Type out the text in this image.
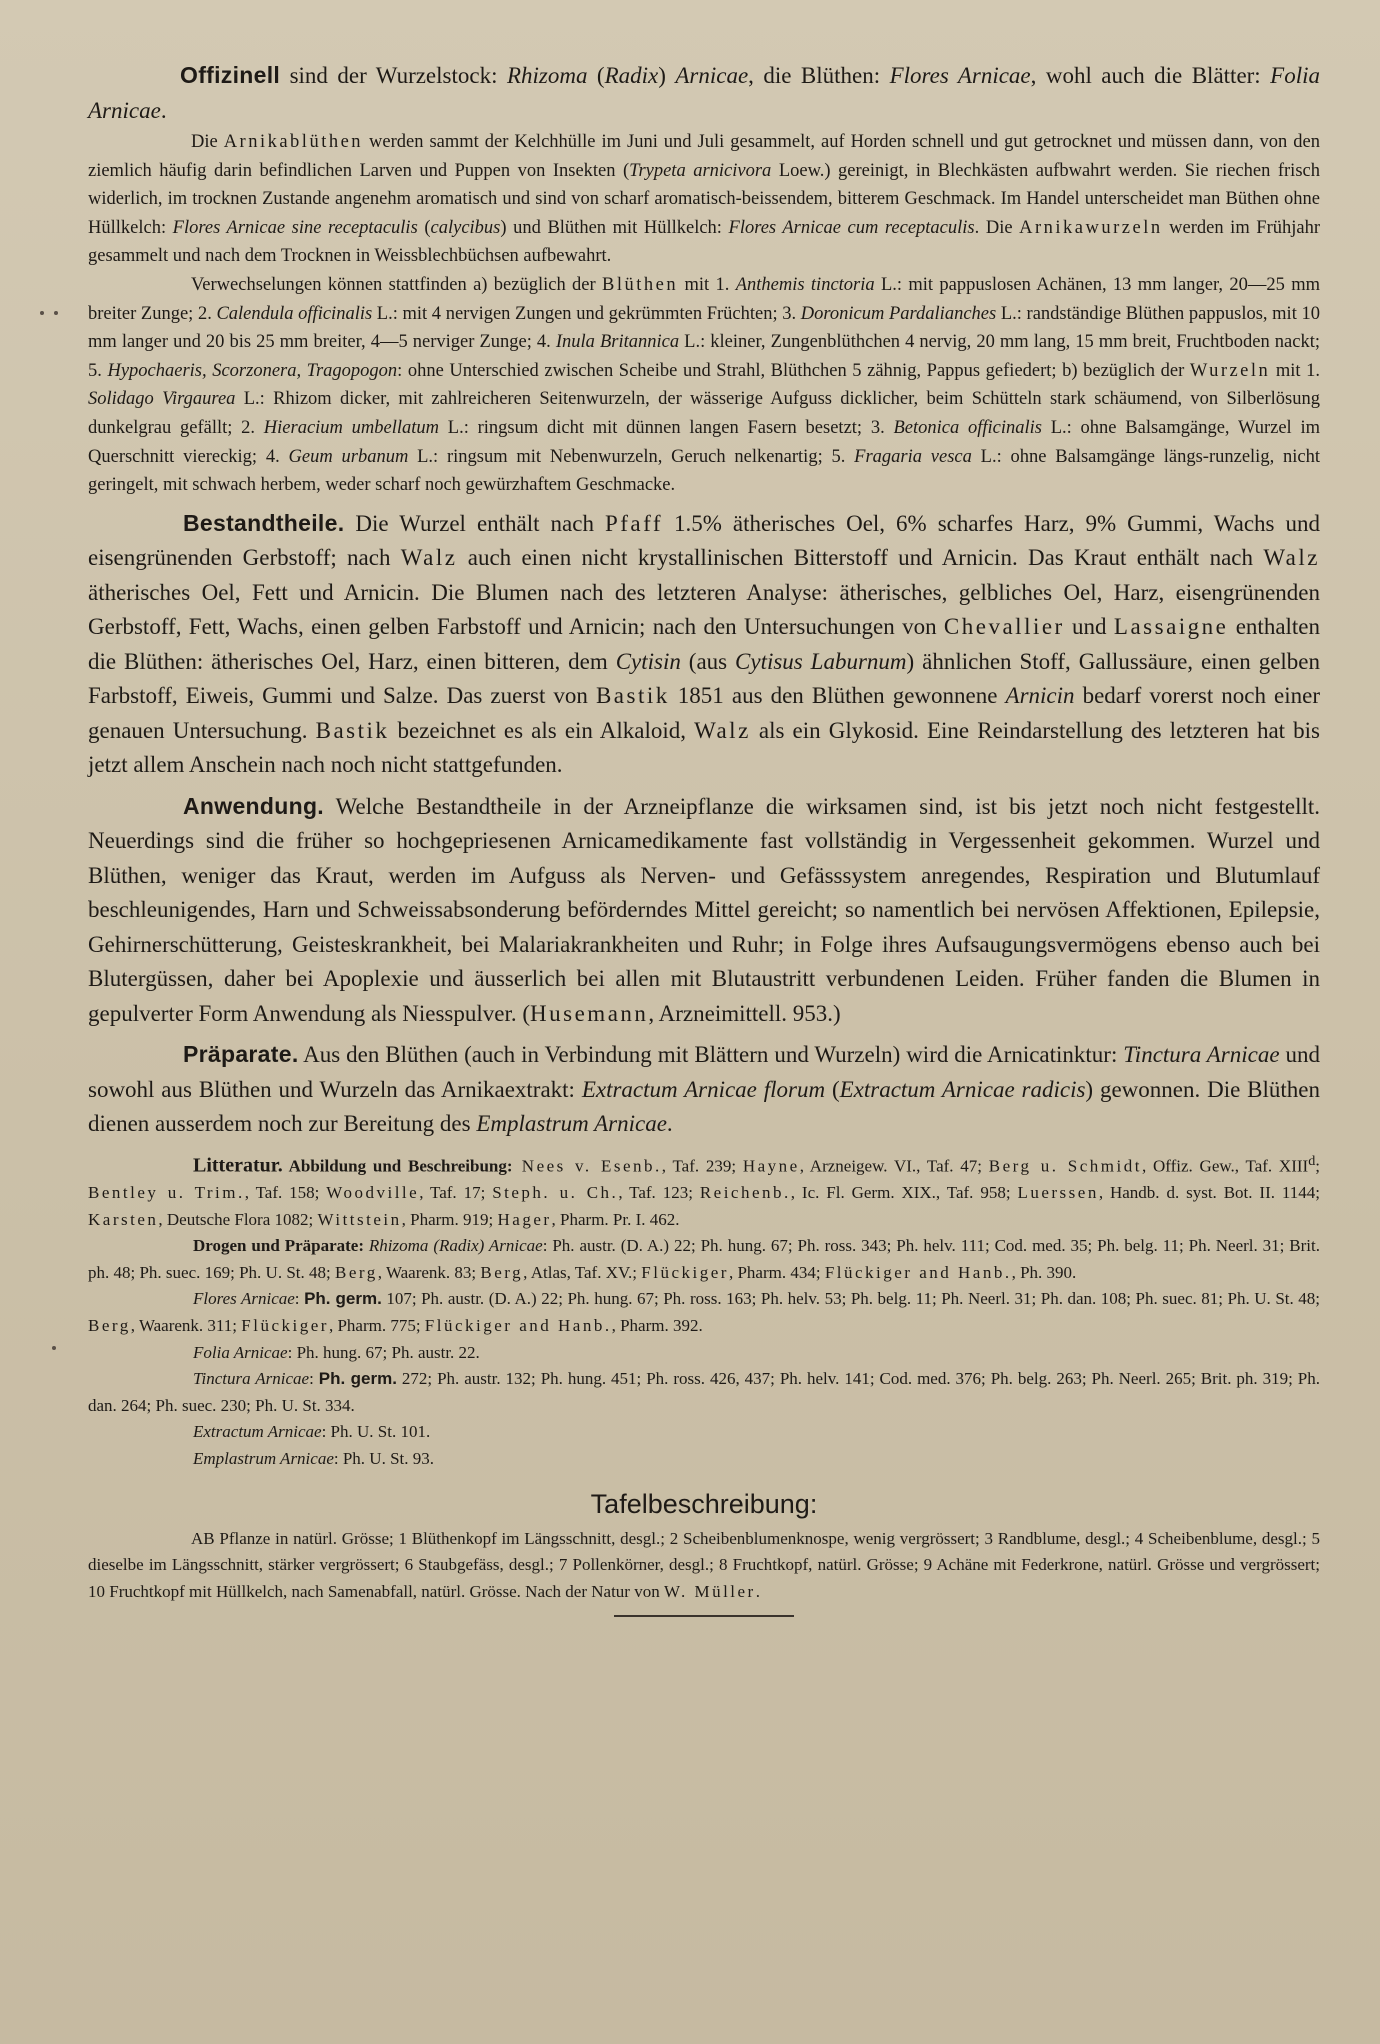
Offizinell sind der Wurzelstock: Rhizoma (Radix) Arnicae, die Blüthen: Flores Arnicae, wohl auch die Blätter: Folia Arnicae.

Die Arnikablüthen werden sammt der Kelchhülle im Juni und Juli gesammelt, auf Horden schnell und gut getrocknet und müssen dann, von den ziemlich häufig darin befindlichen Larven und Puppen von Insekten (Trypeta arnicivora Loew.) gereinigt, in Blechkästen aufbwahrt werden. Sie riechen frisch widerlich, im trocknen Zustande angenehm aromatisch und sind von scharf aromatisch-beissendem, bitterem Geschmack. Im Handel unterscheidet man Büthen ohne Hüllkelch: Flores Arnicae sine receptaculis (calycibus) und Blüthen mit Hüllkelch: Flores Arnicae cum receptaculis. Die Arnikawurzeln werden im Frühjahr gesammelt und nach dem Trocknen in Weissblechbüchsen aufbewahrt.

Verwechselungen können stattfinden a) bezüglich der Blüthen mit 1. Anthemis tinctoria L.: mit pappuslosen Achänen, 13 mm langer, 20—25 mm breiter Zunge; 2. Calendula officinalis L.: mit 4 nervigen Zungen und gekrümmten Früchten; 3. Doronicum Pardalianches L.: randständige Blüthen pappuslos, mit 10 mm langer und 20 bis 25 mm breiter, 4—5 nerviger Zunge; 4. Inula Britannica L.: kleiner, Zungenblüthchen 4 nervig, 20 mm lang, 15 mm breit, Fruchtboden nackt; 5. Hypochaeris, Scorzonera, Tragopogon: ohne Unterschied zwischen Scheibe und Strahl, Blüthchen 5 zähnig, Pappus gefiedert; b) bezüglich der Wurzeln mit 1. Solidago Virgaurea L.: Rhizom dicker, mit zahlreicheren Seitenwurzeln, der wässerige Aufguss dicklicher, beim Schütteln stark schäumend, von Silberlösung dunkelgrau gefällt; 2. Hieracium umbellatum L.: ringsum dicht mit dünnen langen Fasern besetzt; 3. Betonica officinalis L.: ohne Balsamgänge, Wurzel im Querschnitt viereckig; 4. Geum urbanum L.: ringsum mit Nebenwurzeln, Geruch nelkenartig; 5. Fragaria vesca L.: ohne Balsamgänge längs-runzelig, nicht geringelt, mit schwach herbem, weder scharf noch gewürzhaftem Geschmacke.

Bestandtheile. Die Wurzel enthält nach Pfaff 1.5% ätherisches Oel, 6% scharfes Harz, 9% Gummi, Wachs und eisengrünenden Gerbstoff; nach Walz auch einen nicht krystallinischen Bitterstoff und Arnicin. Das Kraut enthält nach Walz ätherisches Oel, Fett und Arnicin. Die Blumen nach des letzteren Analyse: ätherisches, gelbliches Oel, Harz, eisengrünenden Gerbstoff, Fett, Wachs, einen gelben Farbstoff und Arnicin; nach den Untersuchungen von Chevallier und Lassaigne enthalten die Blüthen: ätherisches Oel, Harz, einen bitteren, dem Cytisin (aus Cytisus Laburnum) ähnlichen Stoff, Gallussäure, einen gelben Farbstoff, Eiweis, Gummi und Salze. Das zuerst von Bastik 1851 aus den Blüthen gewonnene Arnicin bedarf vorerst noch einer genauen Untersuchung. Bastik bezeichnet es als ein Alkaloid, Walz als ein Glykosid. Eine Reindarstellung des letzteren hat bis jetzt allem Anschein nach noch nicht stattgefunden.

Anwendung. Welche Bestandtheile in der Arzneipflanze die wirksamen sind, ist bis jetzt noch nicht festgestellt. Neuerdings sind die früher so hochgepriesenen Arnicamedikamente fast vollständig in Vergessenheit gekommen. Wurzel und Blüthen, weniger das Kraut, werden im Aufguss als Nerven- und Gefässsystem anregendes, Respiration und Blutumlauf beschleunigendes, Harn und Schweissabsonderung beförderndes Mittel gereicht; so namentlich bei nervösen Affektionen, Epilepsie, Gehirnerschütterung, Geisteskrankheit, bei Malariakrankheiten und Ruhr; in Folge ihres Aufsaugungsvermögens ebenso auch bei Blutergüssen, daher bei Apoplexie und äusserlich bei allen mit Blutaustritt verbundenen Leiden. Früher fanden die Blumen in gepulverter Form Anwendung als Niesspulver. (Husemann, Arzneimittell. 953.)

Präparate. Aus den Blüthen (auch in Verbindung mit Blättern und Wurzeln) wird die Arnicatinktur: Tinctura Arnicae und sowohl aus Blüthen und Wurzeln das Arnikaextrakt: Extractum Arnicae florum (Extractum Arnicae radicis) gewonnen. Die Blüthen dienen ausserdem noch zur Bereitung des Emplastrum Arnicae.

Litteratur. Abbildung und Beschreibung: Nees v. Esenb., Taf. 239; Hayne, Arzneigew. VI., Taf. 47; Berg u. Schmidt, Offiz. Gew., Taf. XIII$^d$; Bentley u. Trim., Taf. 158; Woodville, Taf. 17; Steph. u. Ch., Taf. 123; Reichenb., Ic. Fl. Germ. XIX., Taf. 958; Luerssen, Handb. d. syst. Bot. II. 1144; Karsten, Deutsche Flora 1082; Wittstein, Pharm. 919; Hager, Pharm. Pr. I. 462.

Drogen und Präparate: Rhizoma (Radix) Arnicae: Ph. austr. (D. A.) 22; Ph. hung. 67; Ph. ross. 343; Ph. helv. 111; Cod. med. 35; Ph. belg. 11; Ph. Neerl. 31; Brit. ph. 48; Ph. suec. 169; Ph. U. St. 48; Berg, Waarenk. 83; Berg, Atlas, Taf. XV.; Flückiger, Pharm. 434; Flückiger and Hanb., Ph. 390.

Flores Arnicae: Ph. germ. 107; Ph. austr. (D. A.) 22; Ph. hung. 67; Ph. ross. 163; Ph. helv. 53; Ph. belg. 11; Ph. Neerl. 31; Ph. dan. 108; Ph. suec. 81; Ph. U. St. 48; Berg, Waarenk. 311; Flückiger, Pharm. 775; Flückiger and Hanb., Pharm. 392.

Folia Arnicae: Ph. hung. 67; Ph. austr. 22.

Tinctura Arnicae: Ph. germ. 272; Ph. austr. 132; Ph. hung. 451; Ph. ross. 426, 437; Ph. helv. 141; Cod. med. 376; Ph. belg. 263; Ph. Neerl. 265; Brit. ph. 319; Ph. dan. 264; Ph. suec. 230; Ph. U. St. 334.

Extractum Arnicae: Ph. U. St. 101.

Emplastrum Arnicae: Ph. U. St. 93.

Tafelbeschreibung:

AB Pflanze in natürl. Grösse; 1 Blüthenkopf im Längsschnitt, desgl.; 2 Scheibenblumenknospe, wenig vergrössert; 3 Randblume, desgl.; 4 Scheibenblume, desgl.; 5 dieselbe im Längsschnitt, stärker vergrössert; 6 Staubgefäss, desgl.; 7 Pollenkörner, desgl.; 8 Fruchtkopf, natürl. Grösse; 9 Achäne mit Federkrone, natürl. Grösse und vergrössert; 10 Fruchtkopf mit Hüllkelch, nach Samenabfall, natürl. Grösse. Nach der Natur von W. Müller.
